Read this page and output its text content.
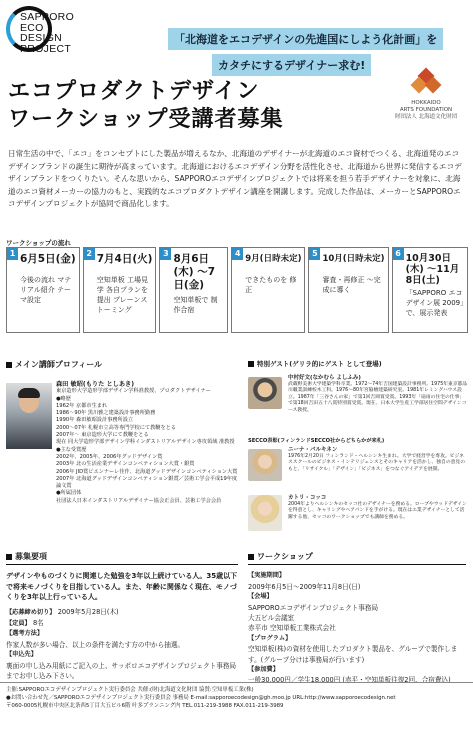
SAPPORO
ECO
DESIGN
PROJECT
「北海道をエコデザインの先進国にしよう化計画」を カタチにするデザイナー求む!
エコプロダクトデザイン
ワークショップ受講者募集
HOKKAIDO
ARTS FOUNDATION
財団法人 北海道文化財団

日常生活の中で、「エコ」をコンセプトにした製品が増えるなか、北海道のデザイナーが北海道のエコ資材でつくる、北海道発のエコデザインブランドの誕生に期待が高まっています。北海道におけるエコデザイン分野を活性化させ、北海道から世界に発信するエコデザインブランドをつくりたい。そんな思いから、SAPPOROエコデザインプロジェクトでは将来を担う若手デザイナーを対象に、北海道のエコ資材メーカーの協力のもと、実践的なエコプロダクトデザイン講座を開講します。完成した作品は、メーカーとSAPPOROエコデザインプロジェクトが協同で商品化します。

ワークショップの流れ
1 6月5日(金)
今後の流れ マテリアル紹介 テーマ設定
2 7月4日(火)
空知単板 工場見学 各自プランを提出 ブレーンストーミング
3 8月6日(木) 〜7日(金)
空知単板で 制作合宿
4
9月(日時未定)
できたものを 修正
5
10月(日時未定)
審査・再修正 〜完成に導く
6 10月30日(木) 〜11月8日(土)
「SAPPORO エコデザイン展 2009」で、展示発表
メイン講師プロフィール
森田 敏昭(もりた としあき)
東京造形大学造形学部デザイン学科准教授、プロダクトデザイナー
●略歴
1962年 京都市生まれ
1986〜90年 黒川雅之建築設計事務所勤務
1990年 森田敏昭設計事務所設立
2000〜07年 札幌市立高等専門学校にて教鞭をとる
2007年〜 東京造形大学にて教鞭をとる
現在 同大学造形学部デザイン学科インダストリアルデザイン専攻領域 准教授
●主な受賞歴
2002年、2005年、2006年グッドデザイン賞
2003年 北の生活産業デザインコンペティション大賞・銀賞
2006年 JID賞ビエンナーレ佳作、北海道グッドデザインコンペティション大賞
2007年 北海道グッドデザインコンペティション銀賞／芸術工学会平成19年度論文賞
●所属団体
社団法人日本インダストリアルデザイナー協会正会員、芸術工学会会員
特別ゲスト(ゲリラ的にゲスト として登場)
中村好文(なかむら よしふみ)
武蔵野美術大学建築学科卒業。1972〜74年吉国建築設計事務所。1975年東京都品川職業訓練校木工科。1976〜80年宮脇檀建築研究室。1981年レミングハウス設立。1987年「三谷さんの家」で第1回吉岡賞受賞。1993年「扇雨の住宅の仕事」で第18回吉田五十八賞特別賞受賞。現在、日本大学生産工学部居住空間デザインコース教授。
SECCO表彰(フィンランドSECCO社からどちらかが来札)
ニーナ・パルキネン
1976年2月20日 フィンランド・ヘルシンキ生まれ。大学で経営学を専攻。ビジネススクールのビジネス・インテリジェンスとそのキャリアを活かし、独自の意見のもと、「リサイクル」「デザイン」「ビジネス」をつなぐアイデアを展開。
カトリ・コッコ
2004年よりヘルシンキのセッコ社のデザイナーを務める。ロープやウッドデザインを得意とし、キャリングやヘアバンドを手がける。現在はエ業デザイナーとして活躍する他、セッコのワークショップでも講師を務める。
募集要項
デザインやものづくりに関連した勉強を3年以上続けている人。35歳以下で将来モノづくりを目指している人。また、年齢に関係なく現在、モノづくりを3年以上行っている人。
【応募締め切り】 2009年5月28日(木)
【定員】 8名
【選考方法】
作家人数が多い場合、以上の条件を満たす方の中から抽選。
【申込先】
裏面の申し込み用紙にご記入の上、サッポロエコデザインプロジェクト事務局までお申し込み下さい。
ワークショップ
【実施期間】
2009年6月5日〜2009年11月8日(日)
【会場】
SAPPOROエコデザインプロジェクト事務局
大五ビル会議室
赤平市 空知単板工業株式会社
【プログラム】
空知単板(株)の資材を使用したプロダクト製品を、グループで製作します。(グループ分けは事務局が行います)
【参加費】
一般30,000円／学生18,000円 (赤平・空知単板往復2回、合宿費込)
主催:SAPPOROエコデザインプロジェクト実行委員会 共催:(財)北海道文化財団 協賛:空知単板工業(株)
●お問い合わせ先／SAPPOROエコデザインプロジェクト実行委員会 事務局 E-mail:sapporoecodesign@gh.moo.jp URL:http://www.sapporoecodesign.net
〒060-0005札幌市中央区北条西5丁目大五ビル6階 叶多プランニング内 TEL.011-219-3988 FAX.011-219-3989
